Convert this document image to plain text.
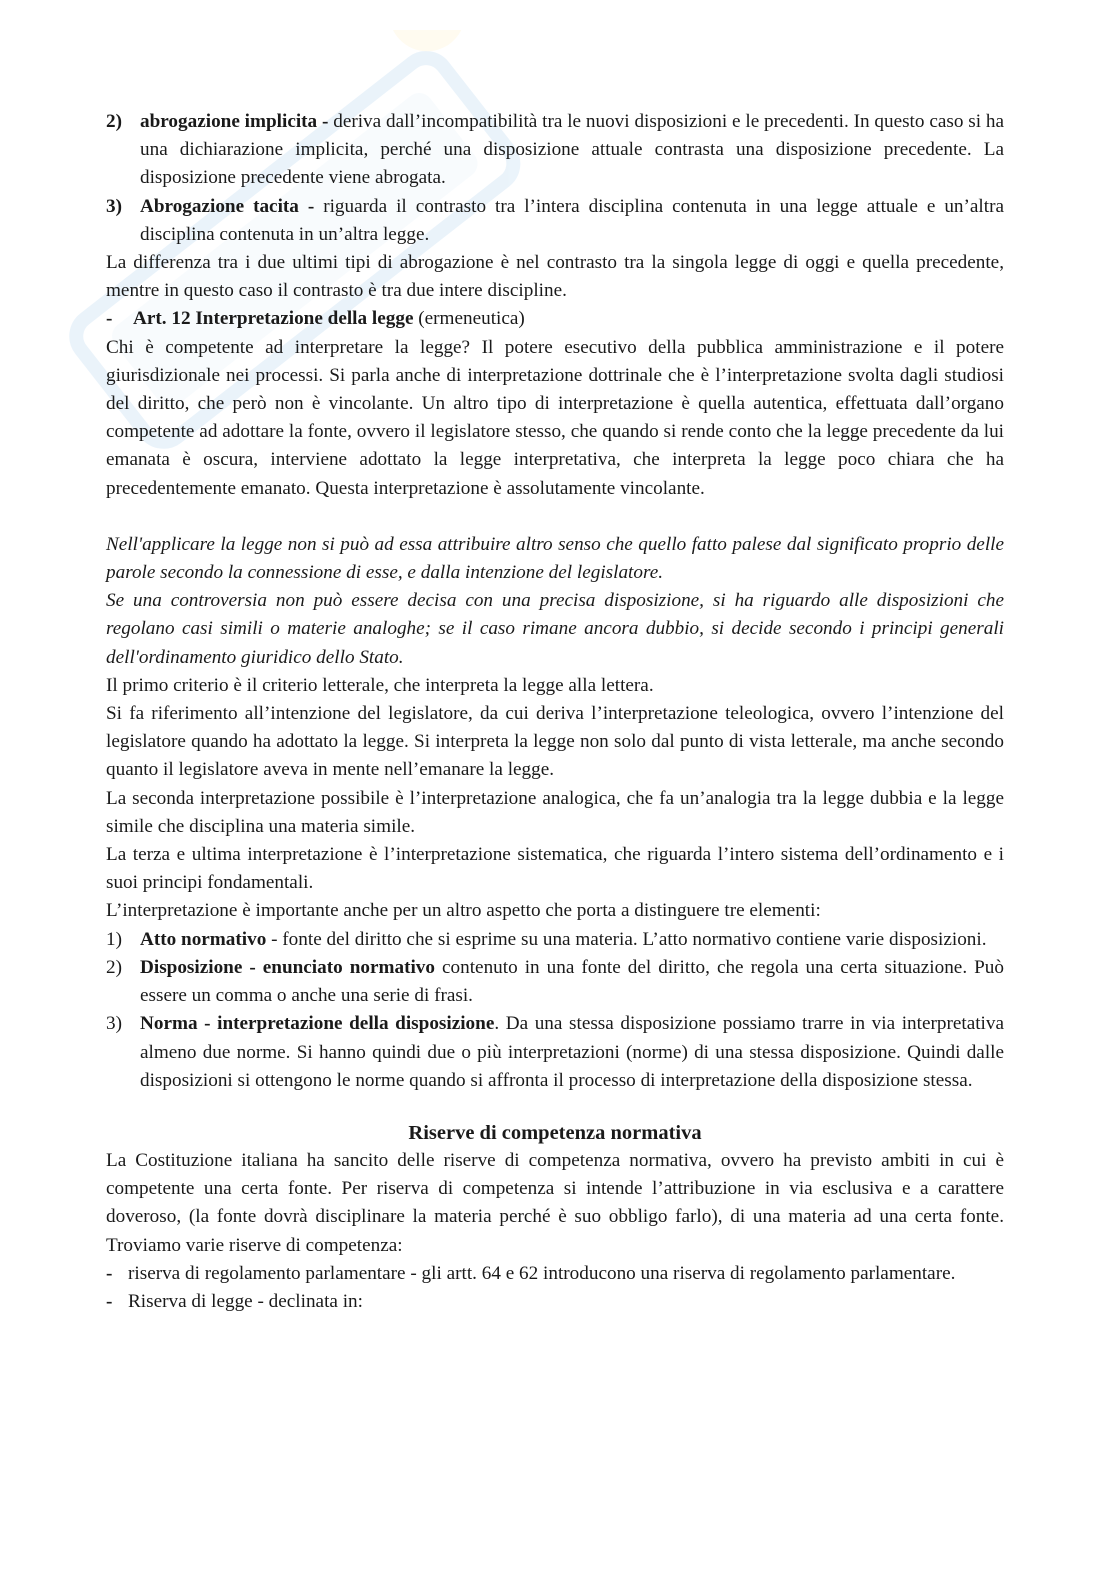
2) abrogazione implicita - deriva dall’incompatibilità tra le nuovi disposizioni e le precedenti. In questo caso si ha una dichiarazione implicita, perché una disposizione attuale contrasta una disposizione precedente. La disposizione precedente viene abrogata.
3) Abrogazione tacita - riguarda il contrasto tra l’intera disciplina contenuta in una legge attuale e un’altra disciplina contenuta in un’altra legge.

La differenza tra i due ultimi tipi di abrogazione è nel contrasto tra la singola legge di oggi e quella precedente, mentre in questo caso il contrasto è tra due intere discipline.

-	Art. 12 Interpretazione della legge (ermeneutica)

Chi è competente ad interpretare la legge? Il potere esecutivo della pubblica amministrazione e il potere giurisdizionale nei processi. Si parla anche di interpretazione dottrinale che è l’interpretazione svolta dagli studiosi del diritto, che però non è vincolante. Un altro tipo di interpretazione è quella autentica, effettuata dall’organo competente ad adottare la fonte, ovvero il legislatore stesso, che quando si rende conto che la legge precedente da lui emanata è oscura, interviene adottato la legge interpretativa, che interpreta la legge poco chiara che ha precedentemente emanato. Questa interpretazione è assolutamente vincolante.

Nell'applicare la legge non si può ad essa attribuire altro senso che quello fatto palese dal significato proprio delle parole secondo la connessione di esse, e dalla intenzione del legislatore.

Se una controversia non può essere decisa con una precisa disposizione, si ha riguardo alle disposizioni che regolano casi simili o materie analoghe; se il caso rimane ancora dubbio, si decide secondo i principi generali dell'ordinamento giuridico dello Stato.

Il primo criterio è il criterio letterale, che interpreta la legge alla lettera.

Si fa riferimento all’intenzione del legislatore, da cui deriva l’interpretazione teleologica, ovvero l’intenzione del legislatore quando ha adottato la legge. Si interpreta la legge non solo dal punto di vista letterale, ma anche secondo quanto il legislatore aveva in mente nell’emanare la legge.

La seconda interpretazione possibile è l’interpretazione analogica, che fa un’analogia tra la legge dubbia e la legge simile che disciplina una materia simile.

La terza e ultima interpretazione è l’interpretazione sistematica, che riguarda l’intero sistema dell’ordinamento e i suoi principi fondamentali.

L’interpretazione è importante anche per un altro aspetto che porta a distinguere tre elementi:

1) Atto normativo - fonte del diritto che si esprime su una materia. L’atto normativo contiene varie disposizioni.
2) Disposizione - enunciato normativo contenuto in una fonte del diritto, che regola una certa situazione. Può essere un comma o anche una serie di frasi.
3) Norma - interpretazione della disposizione. Da una stessa disposizione possiamo trarre in via interpretativa almeno due norme. Si hanno quindi due o più interpretazioni (norme) di una stessa disposizione. Quindi dalle disposizioni si ottengono le norme quando si affronta il processo di interpretazione della disposizione stessa.
Riserve di competenza normativa

La Costituzione italiana ha sancito delle riserve di competenza normativa, ovvero ha previsto ambiti in cui è competente una certa fonte. Per riserva di competenza si intende l’attribuzione in via esclusiva e a carattere doveroso, (la fonte dovrà disciplinare la materia perché è suo obbligo farlo), di una materia ad una certa fonte. Troviamo varie riserve di competenza:

- riserva di regolamento parlamentare - gli artt. 64 e 62 introducono una riserva di regolamento parlamentare.
- Riserva di legge - declinata in:
